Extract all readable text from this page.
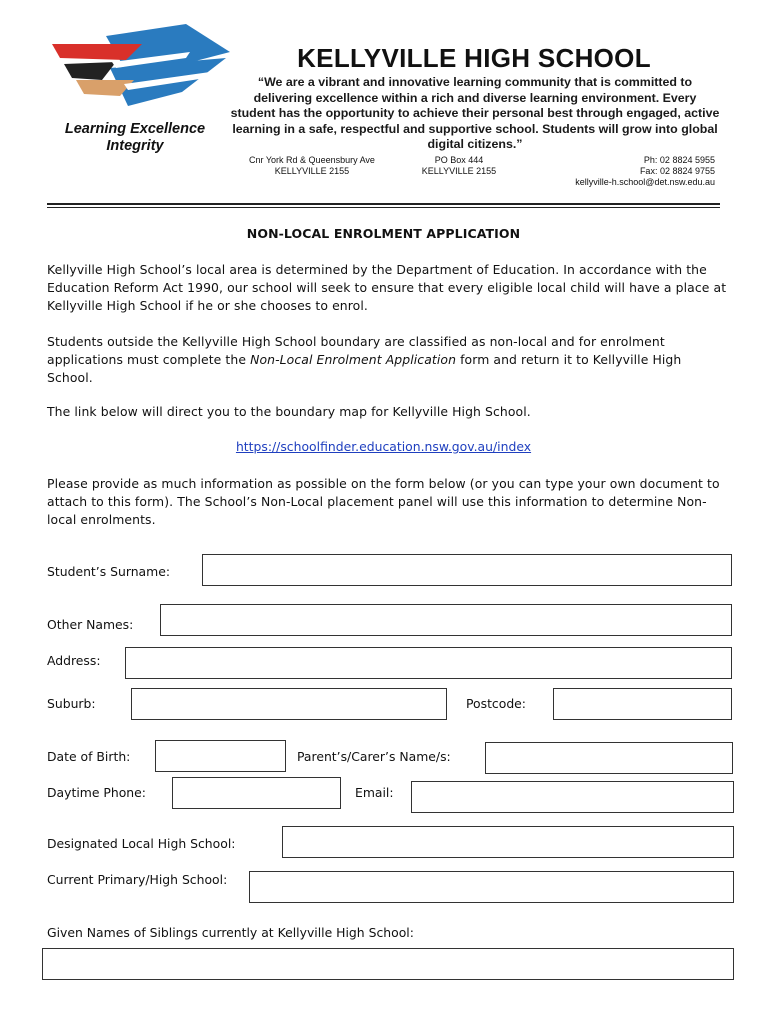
Learning Excellence
Integrity
KELLYVILLE HIGH SCHOOL
“We are a vibrant and innovative learning community that is committed to delivering excellence within a rich and diverse learning environment. Every student has the opportunity to achieve their personal best through engaged, active learning in a safe, respectful and supportive school. Students will grow into global digital citizens.”
Cnr York Rd & Queensbury Ave
KELLYVILLE 2155
PO Box 444
KELLYVILLE 2155
Ph: 02 8824 5955
Fax: 02 8824 9755
kellyville-h.school@det.nsw.edu.au
NON-LOCAL ENROLMENT APPLICATION
Kellyville High School’s local area is determined by the Department of Education. In accordance with the Education Reform Act 1990, our school will seek to ensure that every eligible local child will have a place at Kellyville High School if he or she chooses to enrol.
Students outside the Kellyville High School boundary are classified as non-local and for enrolment applications must complete the Non-Local Enrolment Application form and return it to Kellyville High School.
The link below will direct you to the boundary map for Kellyville High School.
https://schoolfinder.education.nsw.gov.au/index
Please provide as much information as possible on the form below (or you can type your own document to attach to this form). The School’s Non-Local placement panel will use this information to determine Non-local enrolments.
Student’s Surname:
Other Names:
Address:
Suburb:	Postcode:
Date of Birth:	Parent’s/Carer’s Name/s:
Daytime Phone:	Email:
Designated Local High School:
Current Primary/High School:
Given Names of Siblings currently at Kellyville High School:
